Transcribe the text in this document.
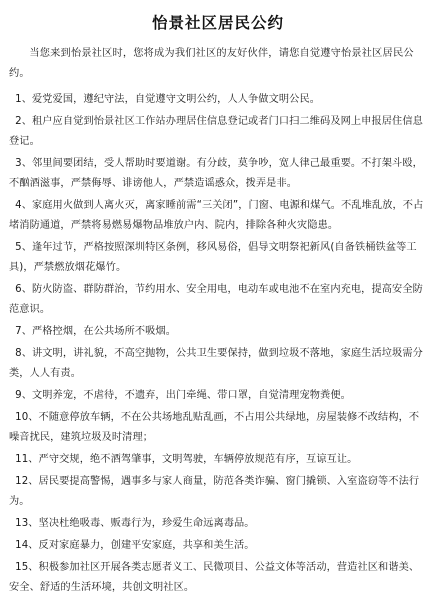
怡景社区居民公约

当您来到怡景社区时，您将成为我们社区的友好伙伴，请您自觉遵守怡景社区居民公约。

1、爱党爱国，遵纪守法，自觉遵守文明公约，人人争做文明公民。

2、租户应自觉到怡景社区工作站办理居住信息登记或者门口扫二维码及网上申报居住信息登记。

3、邻里间要团结，受人帮助时要道谢。有分歧，莫争吵，宽人律己最重要。不打架斗殴，不酗酒滋事，严禁侮辱、诽谤他人，严禁造谣惑众，拨弄是非。

4、家庭用火做到人离火灭，离家睡前需“三关闭”，门窗、电源和煤气。不乱堆乱放，不占堵消防通道，严禁将易燃易爆物品堆放户内、院内，排除各种火灾隐患。

5、逢年过节，严格按照深圳特区条例，移风易俗，倡导文明祭祀新风(自备铁桶铁盆等工具)，严禁燃放烟花爆竹。

6、防火防盗、群防群治，节约用水、安全用电，电动车或电池不在室内充电，提高安全防范意识。

7、严格控烟，在公共场所不吸烟。

8、讲文明，讲礼貌，不高空抛物，公共卫生要保持，做到垃圾不落地，家庭生活垃圾需分类，人人有责。

9、文明养宠，不虐待，不遗弃，出门牵绳、带口罩，自觉清理宠物粪便。

10、不随意停放车辆，不在公共场地乱贴乱画，不占用公共绿地，房屋装修不改结构，不噪音扰民，建筑垃圾及时清理；

11、严守交规，绝不酒驾肇事，文明驾驶，车辆停放规范有序，互谅互让。

12、居民要提高警惕，遇事多与家人商量，防范各类诈骗、窗门撬锁、入室盗窃等不法行为。

13、坚决杜绝吸毒、贩毒行为，珍爱生命远离毒品。

14、反对家庭暴力，创建平安家庭，共享和美生活。

15、积极参加社区开展各类志愿者义工、民微项目、公益文体等活动，营造社区和谐美、安全、舒适的生活环境，共创文明社区。
